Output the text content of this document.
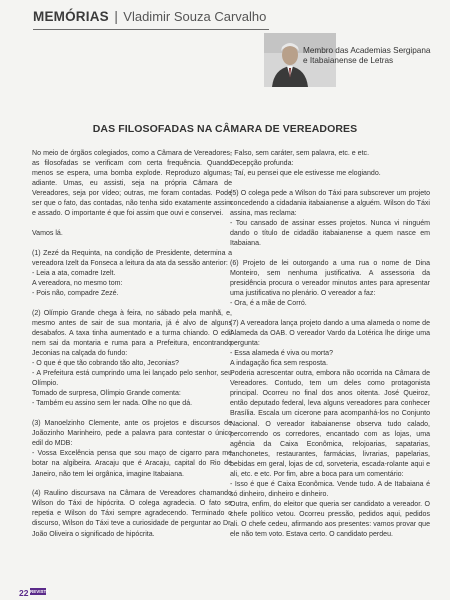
MEMÓRIAS | Vladimir Souza Carvalho
Membro das Academias Sergipana e Itabaianense de Letras
DAS FILOSOFADAS NA CÂMARA DE VEREADORES

No meio de órgãos colegiados, como a Câmara de Vereadores, as filosofadas se verificam com certa frequência. Quando menos se espera, uma bomba explode. Reproduzo algumas, adiante. Umas, eu assisti, seja na própria Câmara de Vereadores, seja por vídeo; outras, me foram contadas. Pode ser que o fato, das contadas, não tenha sido exatamente assim e assado. O importante é que foi assim que ouvi e conservei.

Vamos lá.

(1) Zezé da Requinta, na condição de Presidente, determina a vereadora Izelt da Fonseca a leitura da ata da sessão anterior:
- Leia a ata, comadre Izelt.
A vereadora, no mesmo tom:
- Pois não, compadre Zezé.

(2) Olímpio Grande chega à feira, no sábado pela manhã, e, mesmo antes de sair de sua montaria, já é alvo de alguns desabafos. A taxa tinha aumentado e a turma chiando. O edil nem sai da montaria e ruma para a Prefeitura, encontrando Jeconias na calçada do fundo:
- O que é que tão cobrando tão alto, Jeconias?
- A Prefeitura está cumprindo uma lei lançado pelo senhor, seu Olímpio.
Tomado de surpresa, Olímpio Grande comenta:
- Também eu assino sem ler nada. Olhe no que dá.

(3) Manoelzinho Clemente, ante os projetos e discursos de Joãozinho Marinheiro, pede a palavra para contestar o único edil do MDB:
- Vossa Excelência pensa que sou maço de cigarro para me botar na algibeira. Aracaju que é Aracaju, capital do Rio de Janeiro, não tem lei orgânica, imagine Itabaiana.

(4) Raulino discursava na Câmara de Vereadores chamando Wilson do Táxi de hipócrita. O colega agradecia. O fato se repetia e Wilson do Táxi sempre agradecendo. Terminado o discurso, Wilson do Táxi teve a curiosidade de perguntar ao Dr. João Oliveira o significado de hipócrita.

- Falso, sem caráter, sem palavra, etc. e etc.
Decepção profunda:
- Taí, eu pensei que ele estivesse me elogiando.

(5) O colega pede a Wilson do Táxi para subscrever um projeto concedendo a cidadania itabaianense a alguém. Wilson do Táxi assina, mas reclama:
- Tou cansado de assinar esses projetos. Nunca vi ninguém dando o título de cidadão itabaianense a quem nasce em Itabaiana.

(6) Projeto de lei outorgando a uma rua o nome de Dina Monteiro, sem nenhuma justificativa. A assessoria da presidência procura o vereador minutos antes para apresentar uma justificativa no plenário. O vereador a faz:
- Ora, é a mãe de Corró.

(7) A vereadora lança projeto dando a uma alameda o nome de Alameda da OAB. O vereador Vardo da Lotérica lhe dirige uma pergunta:
- Essa alameda é viva ou morta?
A indagação fica sem resposta.
Poderia acrescentar outra, embora não ocorrida na Câmara de Vereadores. Contudo, tem um deles como protagonista principal. Ocorreu no final dos anos oitenta. José Queiroz, então deputado federal, leva alguns vereadores para conhecer Brasília. Escala um cicerone para acompanhá-los no Conjunto Nacional. O vereador itabaianense observa tudo calado, percorrendo os corredores, encantado com as lojas, uma agência da Caixa Econômica, relojoarias, sapatarias, lanchonetes, restaurantes, farmácias, livrarias, papelarias, bebidas em geral, lojas de cd, sorveteria, escada-rolante aqui e ali, etc. e etc. Por fim, abre a boca para um comentário:
- Isso é que é Caixa Econômica. Vende tudo. A de Itabaiana é só dinheiro, dinheiro e dinheiro.
Outra, enfim, do eleitor que queria ser candidato a vereador. O chefe político vetou. Ocorreu pressão, pedidos aqui, pedidos ali. O chefe cedeu, afirmando aos presentes: vamos provar que ele não tem voto. Estava certo. O candidato perdeu.

22 REVISTA
